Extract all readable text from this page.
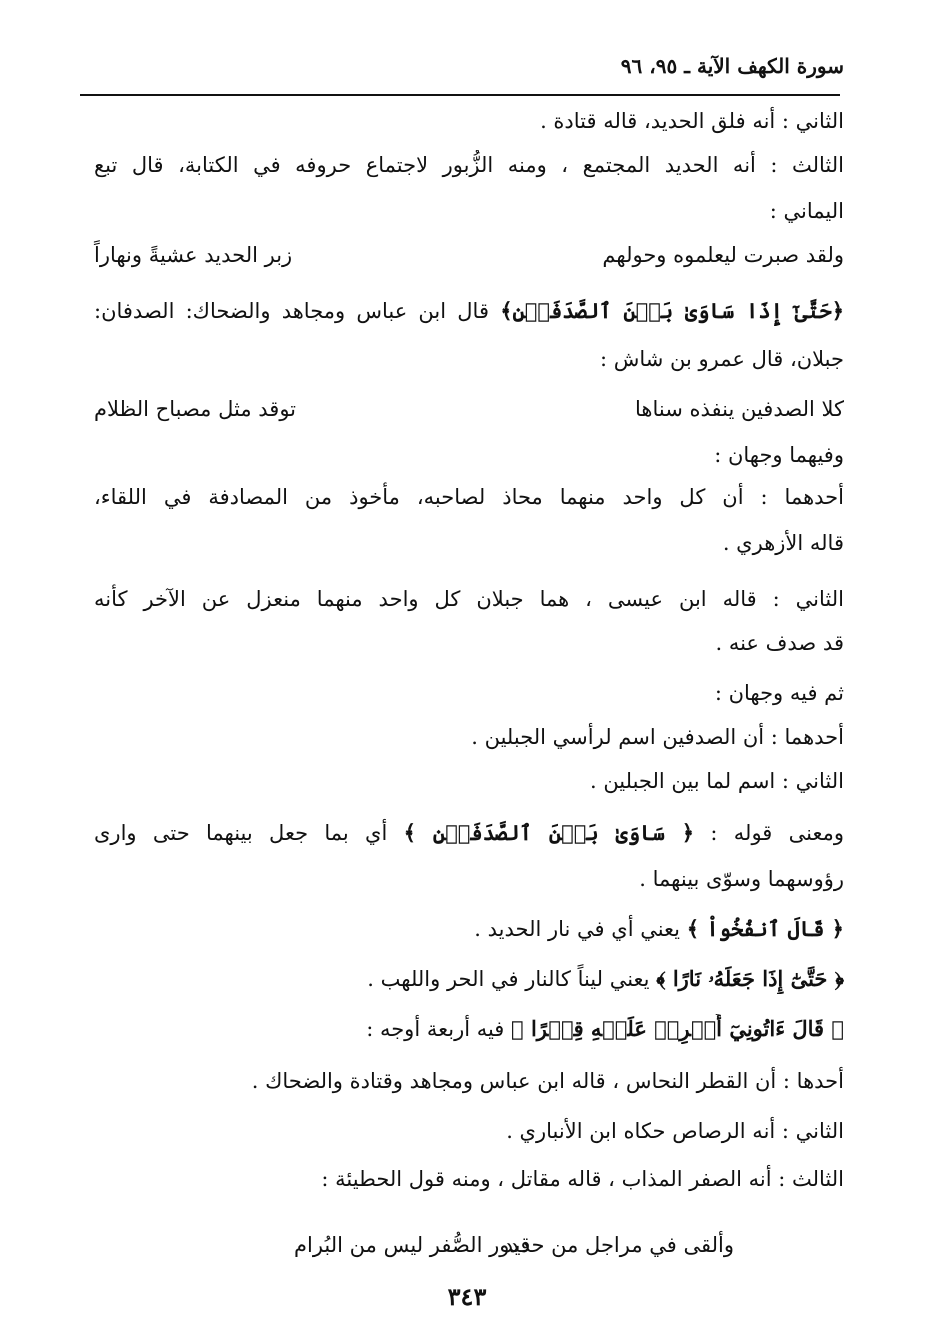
سورة الكهف الآية ـ ٩٥، ٩٦
الثاني : أنه فلق الحديد، قاله قتادة .
الثالث : أنه الحديد المجتمع ، ومنه الزُّبور لاجتماع حروفه في الكتابة، قال تبع
اليماني :
ولقد صبرت ليعلموه وحولهم
زبر الحديد عشيةً ونهاراً
﴿حَتَّىٰٓ إِذَا سَاوَىٰ بَيۡنَ ٱلصَّدَفَيۡنِ﴾ قال ابن عباس ومجاهد والضحاك: الصدفان:
جبلان، قال عمرو بن شاش :
كلا الصدفين ينفذه سناها
توقد مثل مصباح الظلام
وفيهما وجهان :
أحدهما : أن كل واحد منهما محاذ لصاحبه، مأخوذ من المصادفة في اللقاء،
قاله الأزهري .
الثاني : قاله ابن عيسى ، هما جبلان كل واحد منهما منعزل عن الآخر كأنه
قد صدف عنه .
ثم فيه وجهان :
أحدهما : أن الصدفين اسم لرأسي الجبلين .
الثاني : اسم لما بين الجبلين .
ومعنى قوله : ﴿ سَاوَىٰ بَيۡنَ ٱلصَّدَفَيۡنِ ﴾ أي بما جعل بينهما حتى وارى
رؤوسهما وسوّى بينهما .
﴿ قَالَ ٱنفُخُواْ ﴾ يعني أي في نار الحديد .
﴿ حَتَّىٰٓ إِذَا جَعَلَهُۥ نَارًا ﴾ يعني ليناً كالنار في الحر واللهب .
﴿ قَالَ ءَاتُونِيٓ أُفۡرِغۡ عَلَيۡهِ قِطۡرًا ﴾ فيه أربعة أوجه :
أحدها : أن القطر النحاس ، قاله ابن عباس ومجاهد وقتادة والضحاك .
الثاني : أنه الرصاص حكاه ابن الأنباري .
الثالث : أنه الصفر المذاب ، قاله مقاتل ، ومنه قول الحطيئة :
وألقى في مراجل من حديد
قدور الصُّفر ليس من البُرام
٣٤٣
